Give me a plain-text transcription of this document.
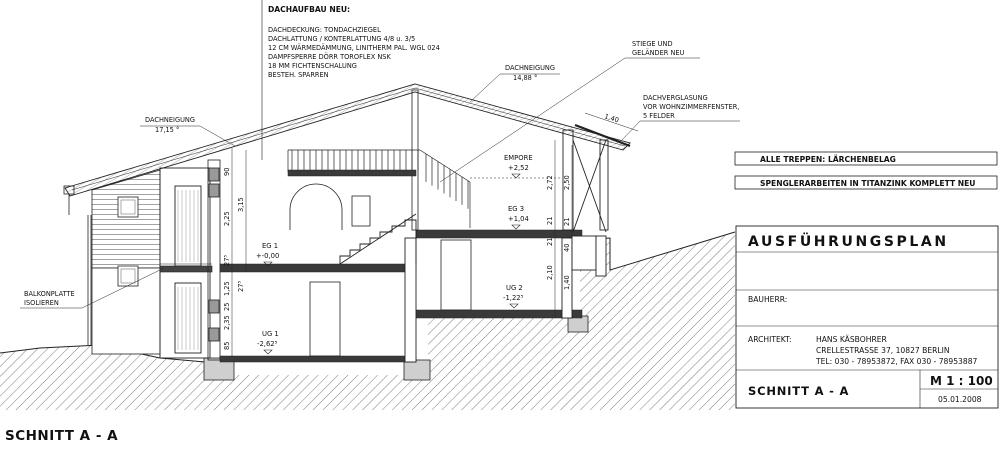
EG 1
+-0,00
UG 1
-2,62⁵
EMPORE
+2,52
EG 3
+1,04
UG 2
-1,22⁵
90
2,25
27⁵
1,25
25
2,35
85
3,15
27⁵
2,72
21
21
2,10
2,50
21
40
1,40
DACHAUFBAU NEU:
DACHDECKUNG: TONDACHZIEGEL
DACHLATTUNG / KONTERLATTUNG 4/8 u. 3/5
12 CM WÄRMEDÄMMUNG, LINITHERM PAL. WGL 024
DAMPFSPERRE DÖRR TOROFLEX NSK
18 MM FICHTENSCHALUNG
BESTEH. SPARREN
DACHNEIGUNG
17,15 °
DACHNEIGUNG
14,88 °
STIEGE UND
GELÄNDER NEU
DACHVERGLASUNG
VOR WOHNZIMMERFENSTER,
5 FELDER
1,40
BALKONPLATTE
ISOLIEREN
ALLE TREPPEN: LÄRCHENBELAG
SPENGLERARBEITEN IN TITANZINK KOMPLETT NEU
AUSFÜHRUNGSPLAN
BAUHERR:
ARCHITEKT:	HANS KÄSBOHRER
CRELLESTRASSE 37, 10827 BERLIN
TEL: 030 - 78953872, FAX 030 - 78953887
SCHNITT A - A
M 1 : 100
05.01.2008
SCHNITT A - A
